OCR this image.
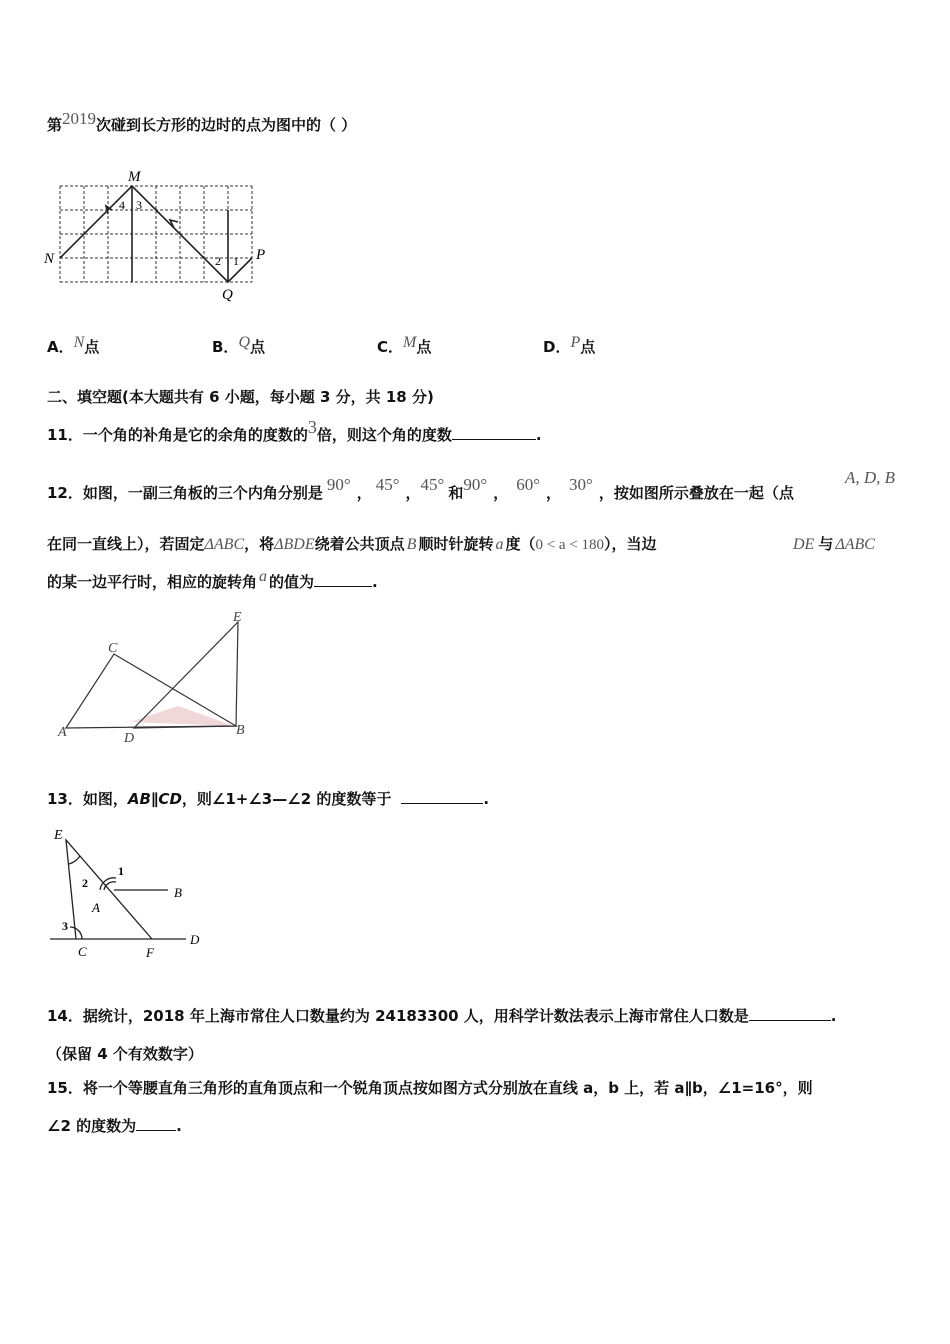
第2019次碰到长方形的边时的点为图中的（ ）
M
N	P
Q
4 3
2 1
A．N点	B．Q点	C．M点	D．P点
二、填空题(本大题共有 6 小题，每小题 3 分，共 18 分)
11．一个角的补角是它的余角的度数的3倍，则这个角的度数	.
12．如图，一副三角板的三个内角分别是 90° ， 45° ，45° 和90° ， 60° ， 30° ，按如图所示叠放在一起（点
A, D, B
在同一直线上），若固定ΔABC，将ΔBDE绕着公共顶点 B 顺时针旋转 a 度（0 < a < 180），当边	DE 与 ΔABC
的某一边平行时，相应的旋转角 a 的值为	.
A	B
C
D
E
13．如图，AB∥CD，则∠1+∠3—∠2 的度数等于	.
E
A
B
C
D
F
1
2
3
14．据统计，2018 年上海市常住人口数量约为 24183300 人，用科学计数法表示上海市常住人口数是	.
（保留 4 个有效数字）
15．将一个等腰直角三角形的直角顶点和一个锐角顶点按如图方式分别放在直线 a，b 上，若 a∥b，∠1=16°，则
∠2 的度数为	.
